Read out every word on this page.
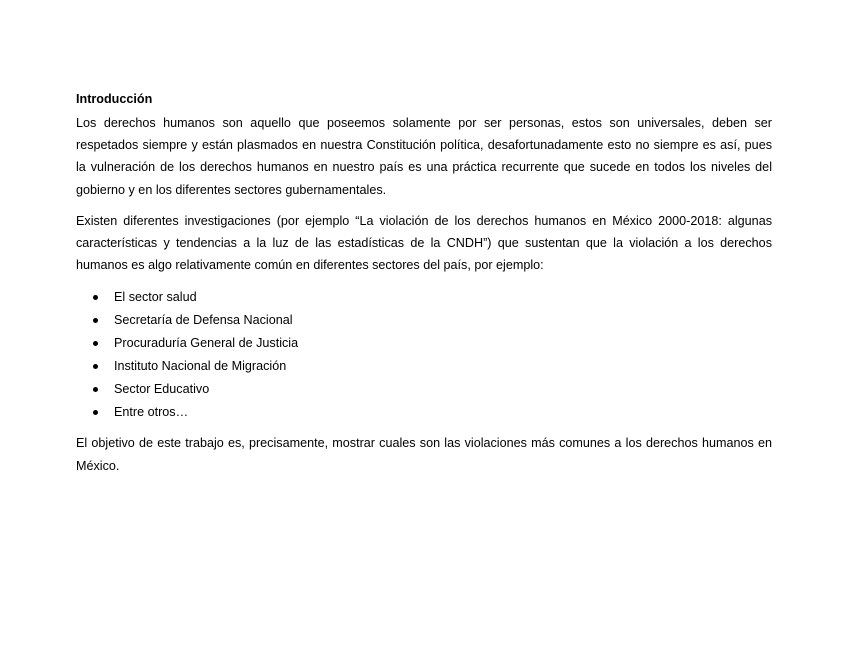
Introducción

Los derechos humanos son aquello que poseemos solamente por ser personas, estos son universales, deben ser respetados siempre y están plasmados en nuestra Constitución política, desafortunadamente esto no siempre es así, pues la vulneración de los derechos humanos en nuestro país es una práctica recurrente que sucede en todos los niveles del gobierno y en los diferentes sectores gubernamentales.

Existen diferentes investigaciones (por ejemplo “La violación de los derechos humanos en México 2000-2018: algunas características y tendencias a la luz de las estadísticas de la CNDH”) que sustentan que la violación a los derechos humanos es algo relativamente común en diferentes sectores del país, por ejemplo:

El sector salud
Secretaría de Defensa Nacional
Procuraduría General de Justicia
Instituto Nacional de Migración
Sector Educativo
Entre otros…

El objetivo de este trabajo es, precisamente, mostrar cuales son las violaciones más comunes a los derechos humanos en México.
